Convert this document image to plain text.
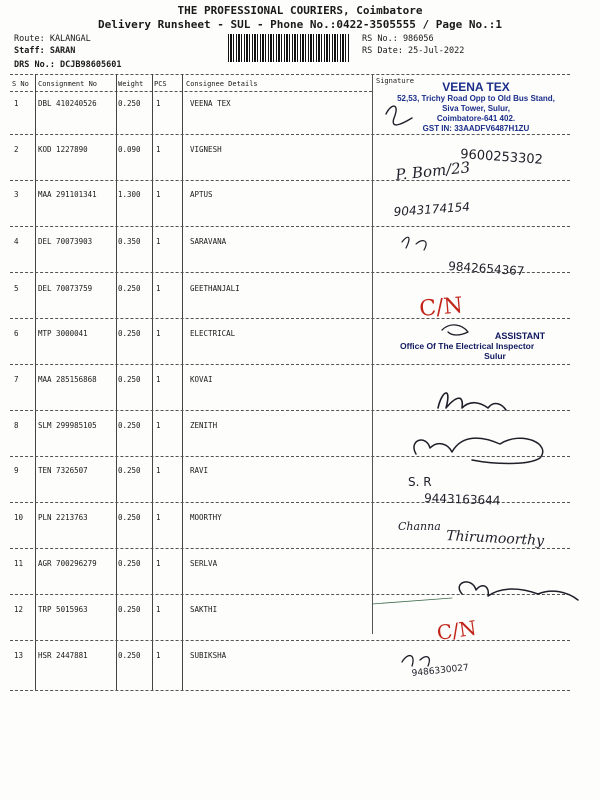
THE PROFESSIONAL COURIERS, Coimbatore
Delivery Runsheet - SUL - Phone No.:0422-3505555 / Page No.:1
Route: KALANGAL
Staff: SARAN
DRS No.: DCJB98605601
RS No.: 986056
RS Date: 25-Jul-2022
S No Consignment No	Weight PCS	Consignee Details	Signature
1	DBL 410240526	0.250 1	VEENA TEX
2	KOD 1227890	0.090 1	VIGNESH
3	MAA 291101341	1.300 1	APTUS
4	DEL 70073903	0.350 1	SARAVANA
5	DEL 70073759	0.250 1	GEETHANJALI
6	MTP 3000041	0.250 1	ELECTRICAL
7	MAA 285156868	0.250 1	KOVAI
8	SLM 299985105	0.250 1	ZENITH
9	TEN 7326507	0.250 1	RAVI
10 PLN 2213763	0.250 1	MOORTHY
11 AGR 700296279	0.250 1	SERLVA
12 TRP 5015963	0.250 1	SAKTHI
13 HSR 2447881	0.250 1	SUBIKSHA
VEENA TEX
52,53, Trichy Road Opp to Old Bus Stand,
Siva Tower, Sulur,
Coimbatore-641 402.
GST IN: 33AADFV6487H1ZU
ASSISTANT
Office Of The Electrical Inspector
Sulur
9600253302
P. Bom/23
9043174154
9842654367
C/N
S. R
9443163644
Channa
Thirumoorthy
C/N
9486330027
